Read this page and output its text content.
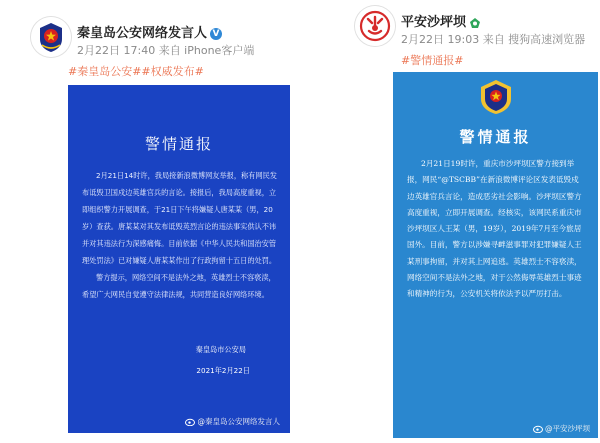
秦皇岛公安网络发言人 V
2月22日 17:40 来自 iPhone客户端
#秦皇岛公安##权威发布#
警情通报

2月21日14时许，我局接新浪微博网友举报，称有网民发布诋毁卫国戍边英雄官兵的言论。接报后，我局高度重视，立即组织警力开展调查，于21日下午将嫌疑人唐某某（男，20岁）查获。唐某某对其发布诋毁英烈言论的违法事实供认不讳并对其违法行为深感痛悔。目前依据《中华人民共和国治安管理处罚法》已对嫌疑人唐某某作出了行政拘留十五日的处罚。

警方提示，网络空间不是法外之地，英雄烈士不容亵渎，希望广大网民自觉遵守法律法规，共同营造良好网络环境。

秦皇岛市公安局
2021年2月22日
@秦皇岛公安网络发言人
平安沙坪坝
2月22日 19:03 来自 搜狗高速浏览器
#警情通报#
警情通报

2月21日19时许，重庆市沙坪坝区警方接到举报，网民“@TSCBB”在新浪微博评论区发表诋毁戍边英雄官兵言论，造成恶劣社会影响。沙坪坝区警方高度重视，立即开展调查。经核实，该网民系重庆市沙坪坝区人王某（男，19岁），2019年7月至今旅居国外。目前，警方以涉嫌寻衅滋事罪对犯罪嫌疑人王某刑事拘留，并对其上网追逃。英雄烈士不容亵渎，网络空间不是法外之地，对于公然侮辱英雄烈士事迹和精神的行为，公安机关将依法予以严厉打击。

@平安沙坪坝
